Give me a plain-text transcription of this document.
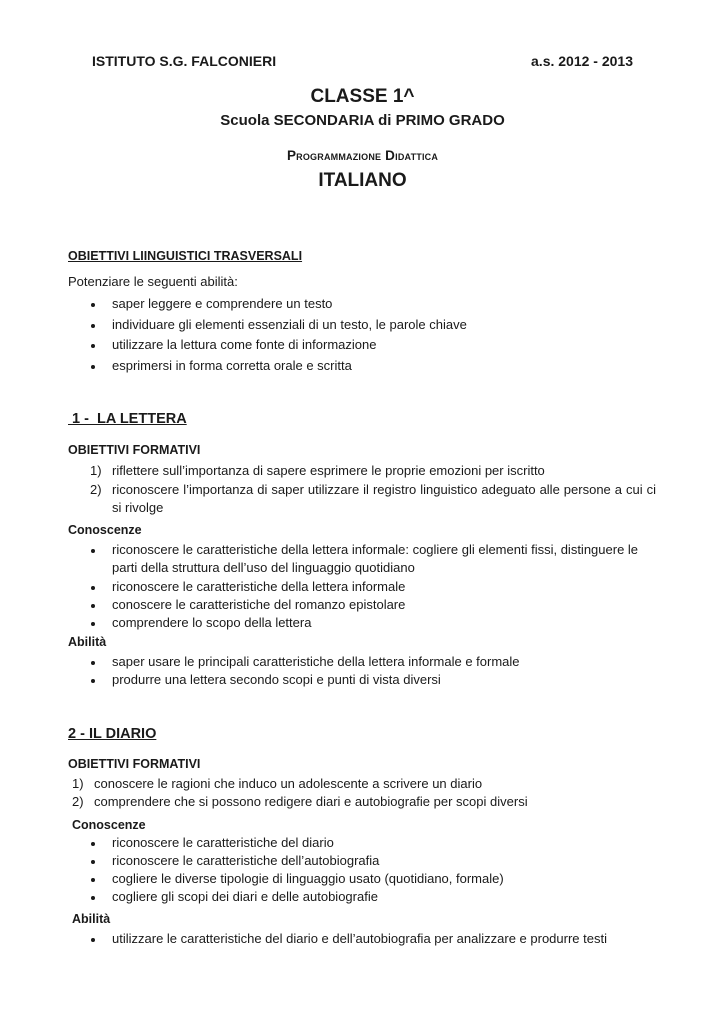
ISTITUTO S.G. FALCONIERI	a.s. 2012 - 2013
CLASSE 1^
Scuola SECONDARIA di PRIMO GRADO
Programmazione Didattica
ITALIANO
OBIETTIVI LIINGUISTICI TRASVERSALI
Potenziare le seguenti abilità:
saper leggere e comprendere un testo
individuare gli elementi essenziali di un testo, le parole chiave
utilizzare la lettura come fonte di informazione
esprimersi in forma corretta orale e scritta
1 -  LA LETTERA
OBIETTIVI FORMATIVI
1) riflettere sull’importanza di sapere esprimere le proprie emozioni per iscritto
2) riconoscere l’importanza di saper utilizzare il registro linguistico adeguato alle persone a cui ci si rivolge
Conoscenze
riconoscere le caratteristiche della lettera informale: cogliere gli elementi fissi, distinguere le parti della struttura dell’uso del linguaggio quotidiano
riconoscere le caratteristiche della lettera informale
conoscere le caratteristiche del romanzo epistolare
comprendere lo scopo della lettera
Abilità
saper usare le principali caratteristiche della lettera informale e formale
produrre una lettera secondo scopi e punti di vista diversi
2 - IL DIARIO
OBIETTIVI FORMATIVI
1) conoscere le ragioni che induco un adolescente a scrivere un diario
2) comprendere che si possono redigere diari e autobiografie per scopi diversi
Conoscenze
riconoscere le caratteristiche del diario
riconoscere le caratteristiche dell’autobiografia
cogliere le diverse tipologie di linguaggio usato (quotidiano, formale)
cogliere gli scopi dei diari e delle autobiografie
Abilità
utilizzare le caratteristiche del diario e dell’autobiografia per analizzare e produrre testi
